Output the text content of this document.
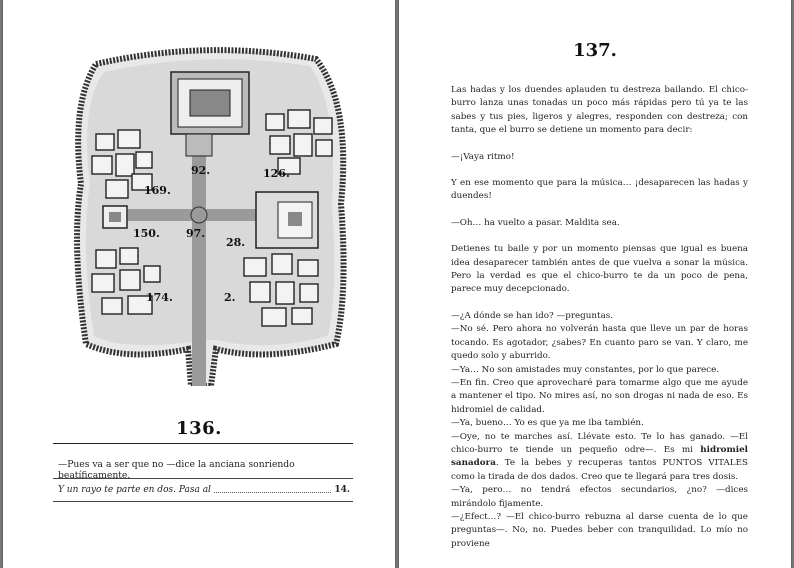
92.	126.
169.
150. 97.
28.
174.	2.
136.
—Pues va a ser que no —dice la anciana sonriendo beatíficamente.
Y un rayo te parte en dos. Pasa al	14.
137.

Las hadas y los duendes aplauden tu destreza bailando. El chico-burro lanza unas tonadas un poco más rápidas pero tú ya te las sabes y tus pies, ligeros y alegres, responden con destreza; con tanta, que el burro se detiene un momento para decir:

—¡Vaya ritmo!

Y en ese momento que para la música… ¡desaparecen las hadas y duendes!

—Oh… ha vuelto a pasar. Maldita sea.

Detienes tu baile y por un momento piensas que igual es buena idea desaparecer también antes de que vuelva a sonar la música. Pero la verdad es que el chico-burro te da un poco de pena, parece muy decepcionado.

—¿A dónde se han ido? —preguntas.

—No sé. Pero ahora no volverán hasta que lleve un par de horas tocando. Es agotador, ¿sabes? En cuanto paro se van. Y claro, me quedo solo y aburrido.

—Ya… No son amistades muy constantes, por lo que parece.

—En fin. Creo que aprovecharé para tomarme algo que me ayude a mantener el tipo. No mires así, no son drogas ni nada de eso. Es hidromiel de calidad.

—Ya, bueno… Yo es que ya me iba también.

—Oye, no te marches así. Llévate esto. Te lo has ganado. —El chico-burro te tiende un pequeño odre—. Es mi hidromiel sanadora. Te la bebes y recuperas tantos PUNTOS VITALES como la tirada de dos dados. Creo que te llegará para tres dosis.

—Ya, pero… no tendrá efectos secundarios, ¿no? —dices mirándolo fijamente.

—¿Efect…? —El chico-burro rebuzna al darse cuenta de lo que preguntas—. No, no. Puedes beber con tranquilidad. Lo mío no proviene
